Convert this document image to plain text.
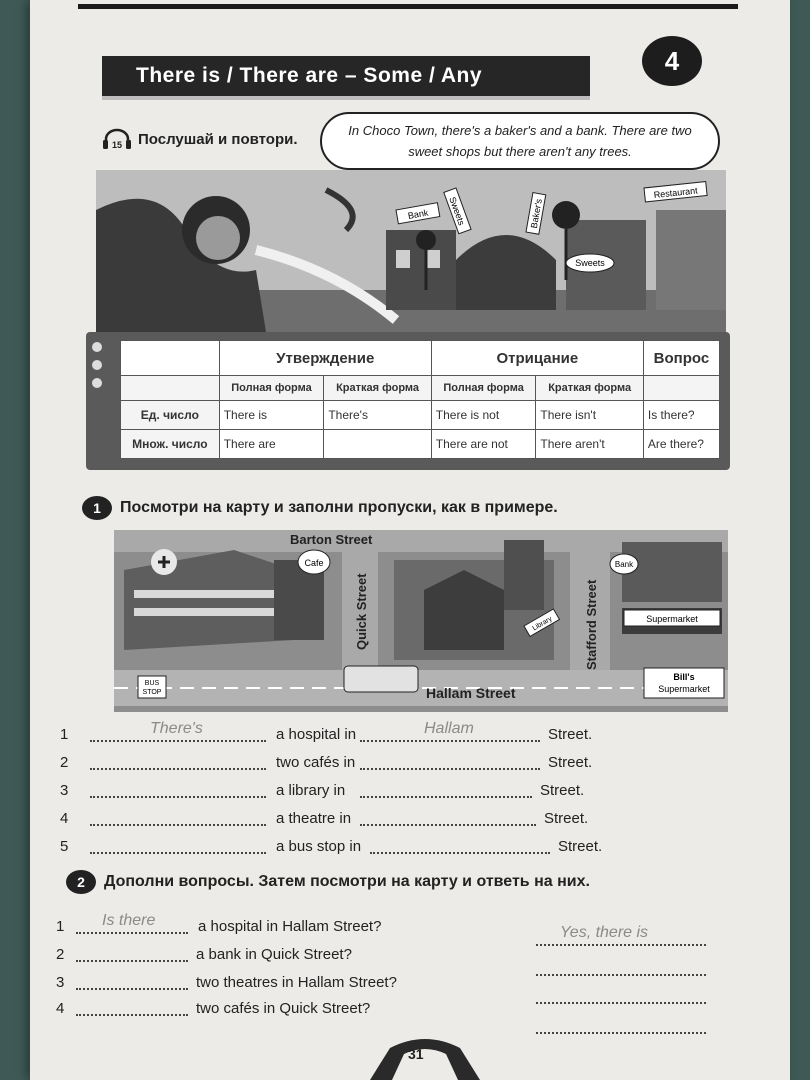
There is / There are – Some / Any	4
15 Послушай и повтори.	In Choco Town, there's a baker's and a bank. There are two
sweet shops but there aren't any trees.
Bank Sweets	Baker's
Sweets
Restaurant
	Утверждение		Отрицание		Вопрос
	Полная форма	Краткая форма	Полная форма	Краткая форма	
Ед. число	There is	There's	There is not	There isn't	Is there?
Множ. число	There are		There are not	There aren't	Are there?
1	Посмотри на карту и заполни пропуски, как в примере.
Cafe
Library	Supermarket
Bank
Bill's
Supermarket
BUS
STOP
Barton Street
Quick Street	Stafford Street
Hallam Street
1	There's	a hospital in	Hallam	Street.
2	two cafés in	Street.
3	a library in	Street.
4	a theatre in	Street.
5	a bus stop in	Street.
2	Дополни вопросы. Затем посмотри на карту и ответь на них.
1 Is there	a hospital in Hallam Street?	Yes, there is
2	a bank in Quick Street?
3	two theatres in Hallam Street?
4	two cafés in Quick Street?
31
